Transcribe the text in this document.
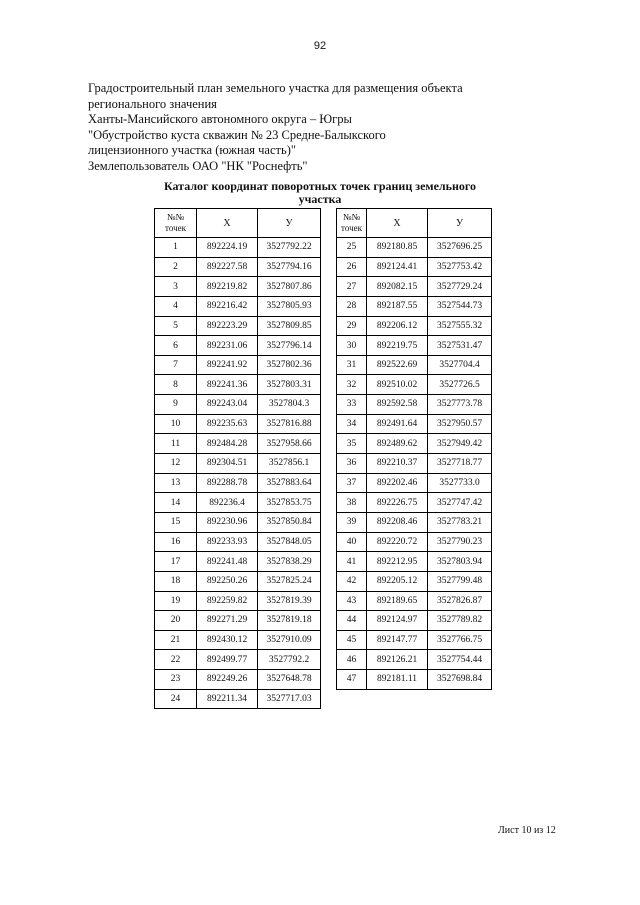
92
Градостроительный план земельного участка для размещения объекта
регионального значения
Ханты-Мансийского автономного округа – Югры
"Обустройство куста скважин № 23 Средне-Балыкского
лицензионного участка (южная часть)"
Землепользователь ОАО "НК "Роснефть"
Каталог координат поворотных точек границ земельного
участка
№№
точек	Х	У
1	892224.19	3527792.22
2	892227.58	3527794.16
3	892219.82	3527807.86
4	892216.42	3527805.93
5	892223.29	3527809.85
6	892231.06	3527796.14
7	892241.92	3527802.36
8	892241.36	3527803.31
9	892243.04	3527804.3
10	892235.63	3527816.88
11	892484.28	3527958.66
12	892304.51	3527856.1
13	892288.78	3527883.64
14	892236.4	3527853.75
15	892230.96	3527850.84
16	892233.93	3527848.05
17	892241.48	3527838.29
18	892250.26	3527825.24
19	892259.82	3527819.39
20	892271.29	3527819.18
21	892430.12	3527910.09
22	892499.77	3527792.2
23	892249.26	3527648.78
24	892211.34	3527717.03
№№
точек	Х	У
25	892180.85	3527696.25
26	892124.41	3527753.42
27	892082.15	3527729.24
28	892187.55	3527544.73
29	892206.12	3527555.32
30	892219.75	3527531.47
31	892522.69	3527704.4
32	892510.02	3527726.5
33	892592.58	3527773.78
34	892491.64	3527950.57
35	892489.62	3527949.42
36	892210.37	3527718.77
37	892202.46	3527733.0
38	892226.75	3527747.42
39	892208.46	3527783.21
40	892220.72	3527790.23
41	892212.95	3527803.94
42	892205.12	3527799.48
43	892189.65	3527826.87
44	892124.97	3527789.82
45	892147.77	3527766.75
46	892126.21	3527754.44
47	892181.11	3527698.84
Лист 10 из 12
